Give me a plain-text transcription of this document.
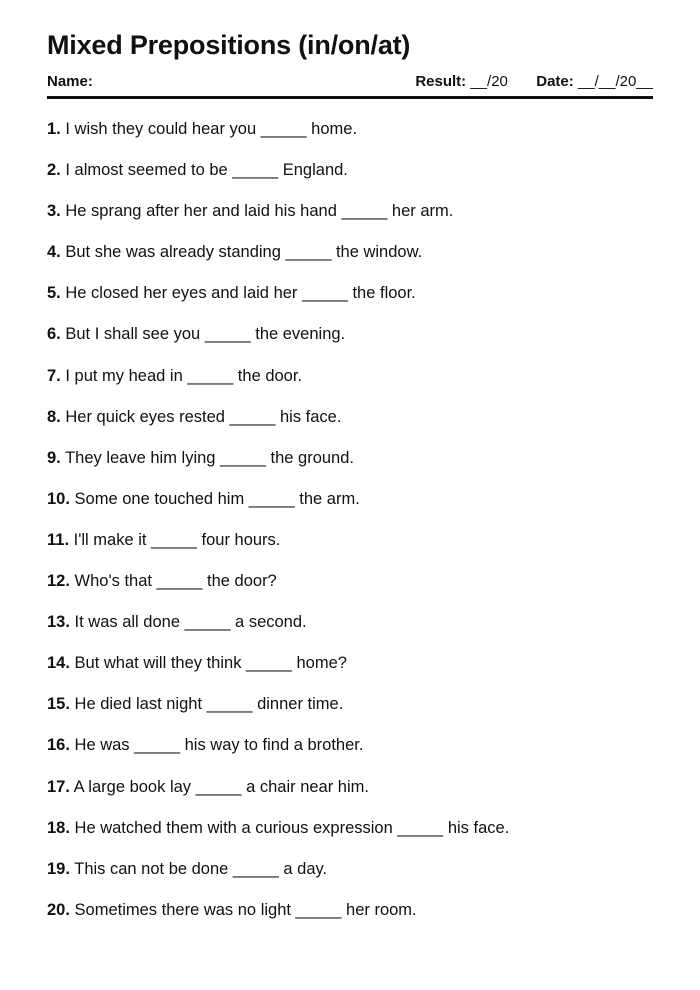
Mixed Prepositions (in/on/at)
Name:	Result: __/20 Date: __/__/20__
1. I wish they could hear you _____ home.
2. I almost seemed to be _____ England.
3. He sprang after her and laid his hand _____ her arm.
4. But she was already standing _____ the window.
5. He closed her eyes and laid her _____ the floor.
6. But I shall see you _____ the evening.
7. I put my head in _____ the door.
8. Her quick eyes rested _____ his face.
9. They leave him lying _____ the ground.
10. Some one touched him _____ the arm.
11. I'll make it _____ four hours.
12. Who's that _____ the door?
13. It was all done _____ a second.
14. But what will they think _____ home?
15. He died last night _____ dinner time.
16. He was _____ his way to find a brother.
17. A large book lay _____ a chair near him.
18. He watched them with a curious expression _____ his face.
19. This can not be done _____ a day.
20. Sometimes there was no light _____ her room.
